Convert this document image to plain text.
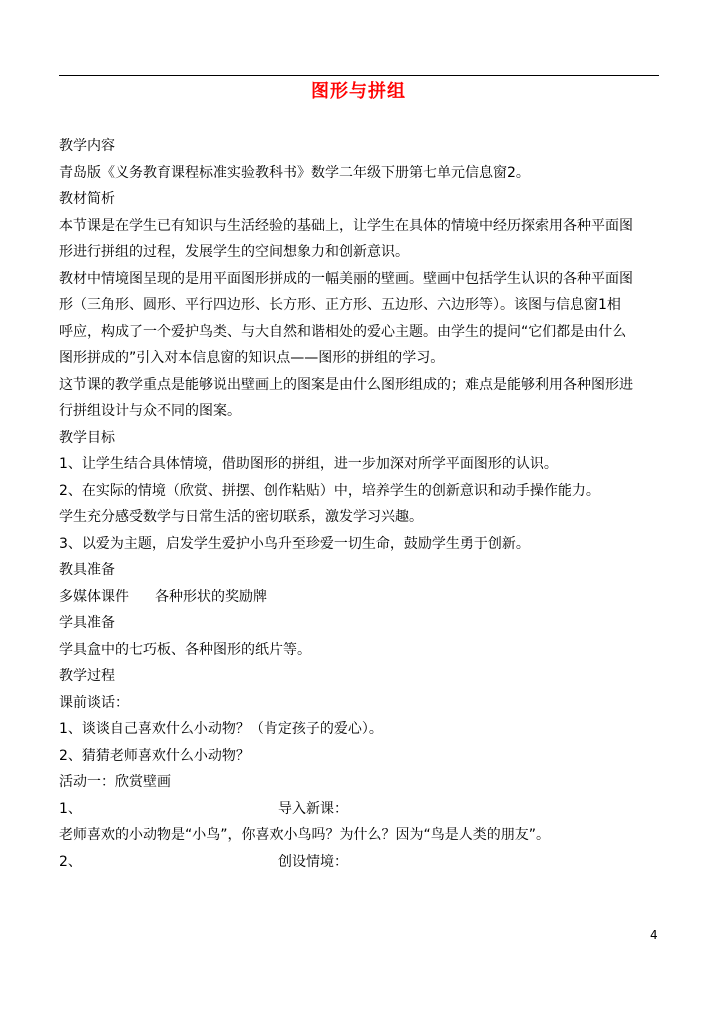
图形与拼组

教学内容

青岛版《义务教育课程标准实验教科书》数学二年级下册第七单元信息窗2。

教材简析

本节课是在学生已有知识与生活经验的基础上，让学生在具体的情境中经历探索用各种平面图

形进行拼组的过程，发展学生的空间想象力和创新意识。

教材中情境图呈现的是用平面图形拼成的一幅美丽的壁画。壁画中包括学生认识的各种平面图

形（三角形、圆形、平行四边形、长方形、正方形、五边形、六边形等）。该图与信息窗1相

呼应，构成了一个爱护鸟类、与大自然和谐相处的爱心主题。由学生的提问“它们都是由什么

图形拼成的”引入对本信息窗的知识点——图形的拼组的学习。

这节课的教学重点是能够说出壁画上的图案是由什么图形组成的；难点是能够利用各种图形进

行拼组设计与众不同的图案。

教学目标

1、让学生结合具体情境，借助图形的拼组，进一步加深对所学平面图形的认识。

2、在实际的情境（欣赏、拼摆、创作粘贴）中，培养学生的创新意识和动手操作能力。

学生充分感受数学与日常生活的密切联系，激发学习兴趣。

3、以爱为主题，启发学生爱护小鸟升至珍爱一切生命，鼓励学生勇于创新。

教具准备

多媒体课件 各种形状的奖励牌

学具准备

学具盒中的七巧板、各种图形的纸片等。

教学过程

课前谈话：

1、谈谈自己喜欢什么小动物？（肯定孩子的爱心）。

2、猜猜老师喜欢什么小动物？

活动一：欣赏壁画

1、	导入新课：

老师喜欢的小动物是“小鸟”，你喜欢小鸟吗？为什么？因为“鸟是人类的朋友”。

2、	创设情境：

4
